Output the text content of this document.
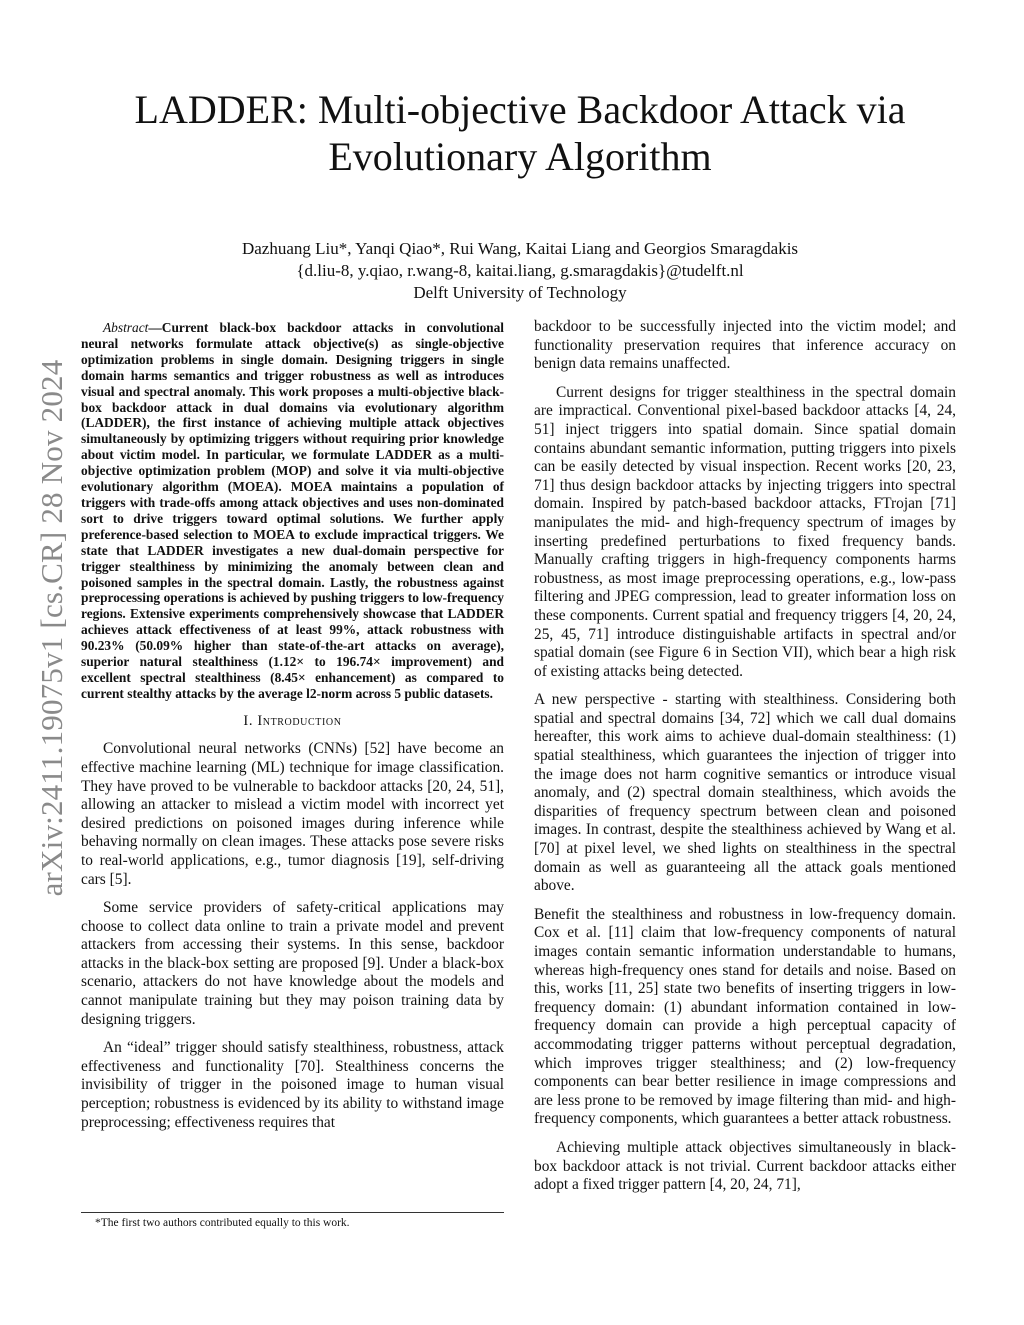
arXiv:2411.19075v1 [cs.CR] 28 Nov 2024
LADDER: Multi-objective Backdoor Attack via Evolutionary Algorithm
Dazhuang Liu*, Yanqi Qiao*, Rui Wang, Kaitai Liang and Georgios Smaragdakis
{d.liu-8, y.qiao, r.wang-8, kaitai.liang, g.smaragdakis}@tudelft.nl
Delft University of Technology

Abstract—Current black-box backdoor attacks in convolutional neural networks formulate attack objective(s) as single-objective optimization problems in single domain. Designing triggers in single domain harms semantics and trigger robustness as well as introduces visual and spectral anomaly. This work proposes a multi-objective black-box backdoor attack in dual domains via evolutionary algorithm (LADDER), the first instance of achieving multiple attack objectives simultaneously by optimizing triggers without requiring prior knowledge about victim model. In particular, we formulate LADDER as a multi-objective optimization problem (MOP) and solve it via multi-objective evolutionary algorithm (MOEA). MOEA maintains a population of triggers with trade-offs among attack objectives and uses non-dominated sort to drive triggers toward optimal solutions. We further apply preference-based selection to MOEA to exclude impractical triggers. We state that LADDER investigates a new dual-domain perspective for trigger stealthiness by minimizing the anomaly between clean and poisoned samples in the spectral domain. Lastly, the robustness against preprocessing operations is achieved by pushing triggers to low-frequency regions. Extensive experiments comprehensively showcase that LADDER achieves attack effectiveness of at least 99%, attack robustness with 90.23% (50.09% higher than state-of-the-art attacks on average), superior natural stealthiness (1.12× to 196.74× improvement) and excellent spectral stealthiness (8.45× enhancement) as compared to current stealthy attacks by the average l2-norm across 5 public datasets.

I. Introduction

Convolutional neural networks (CNNs) [52] have become an effective machine learning (ML) technique for image classification. They have proved to be vulnerable to backdoor attacks [20, 24, 51], allowing an attacker to mislead a victim model with incorrect yet desired predictions on poisoned images during inference while behaving normally on clean images. These attacks pose severe risks to real-world applications, e.g., tumor diagnosis [19], self-driving cars [5].

Some service providers of safety-critical applications may choose to collect data online to train a private model and prevent attackers from accessing their systems. In this sense, backdoor attacks in the black-box setting are proposed [9]. Under a black-box scenario, attackers do not have knowledge about the models and cannot manipulate training but they may poison training data by designing triggers.

An “ideal” trigger should satisfy stealthiness, robustness, attack effectiveness and functionality [70]. Stealthiness concerns the invisibility of trigger in the poisoned image to human visual perception; robustness is evidenced by its ability to withstand image preprocessing; effectiveness requires that

*The first two authors contributed equally to this work.

backdoor to be successfully injected into the victim model; and functionality preservation requires that inference accuracy on benign data remains unaffected.

Current designs for trigger stealthiness in the spectral domain are impractical. Conventional pixel-based backdoor attacks [4, 24, 51] inject triggers into spatial domain. Since spatial domain contains abundant semantic information, putting triggers into pixels can be easily detected by visual inspection. Recent works [20, 23, 71] thus design backdoor attacks by injecting triggers into spectral domain. Inspired by patch-based backdoor attacks, FTrojan [71] manipulates the mid- and high-frequency spectrum of images by inserting predefined perturbations to fixed frequency bands. Manually crafting triggers in high-frequency components harms robustness, as most image preprocessing operations, e.g., low-pass filtering and JPEG compression, lead to greater information loss on these components. Current spatial and frequency triggers [4, 20, 24, 25, 45, 71] introduce distinguishable artifacts in spectral and/or spatial domain (see Figure 6 in Section VII), which bear a high risk of existing attacks being detected.

A new perspective - starting with stealthiness. Considering both spatial and spectral domains [34, 72] which we call dual domains hereafter, this work aims to achieve dual-domain stealthiness: (1) spatial stealthiness, which guarantees the injection of trigger into the image does not harm cognitive semantics or introduce visual anomaly, and (2) spectral domain stealthiness, which avoids the disparities of frequency spectrum between clean and poisoned images. In contrast, despite the stealthiness achieved by Wang et al. [70] at pixel level, we shed lights on stealthiness in the spectral domain as well as guaranteeing all the attack goals mentioned above.

Benefit the stealthiness and robustness in low-frequency domain. Cox et al. [11] claim that low-frequency components of natural images contain semantic information understandable to humans, whereas high-frequency ones stand for details and noise. Based on this, works [11, 25] state two benefits of inserting triggers in low-frequency domain: (1) abundant information contained in low-frequency domain can provide a high perceptual capacity of accommodating trigger patterns without perceptual degradation, which improves trigger stealthiness; and (2) low-frequency components can bear better resilience in image compressions and are less prone to be removed by image filtering than mid- and high-frequency components, which guarantees a better attack robustness.

Achieving multiple attack objectives simultaneously in black-box backdoor attack is not trivial. Current backdoor attacks either adopt a fixed trigger pattern [4, 20, 24, 71],
